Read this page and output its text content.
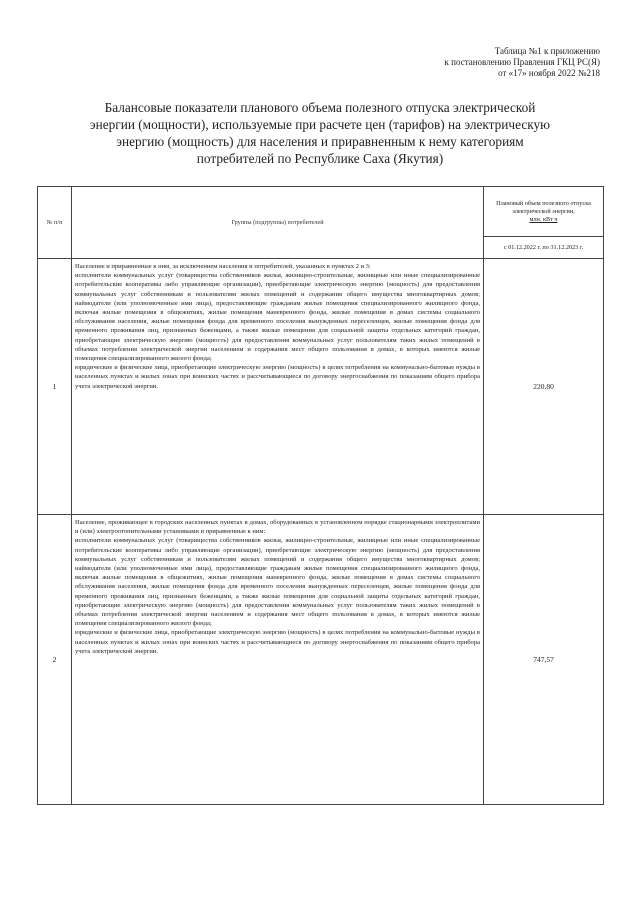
Таблица №1 к приложению
к постановлению Правления ГКЦ РС(Я)
от «17» ноября 2022 №218
Балансовые показатели планового объема полезного отпуска электрической
энергии (мощности), используемые при расчете цен (тарифов) на электрическую
энергию (мощность) для населения и приравненным к нему категориям
потребителей по Республике Саха (Якутия)
№ п/п	Группы (подгруппы) потребителей	Плановый объем полезного отпуска электрической энергии,
млн. кВт ч

		с 01.12.2022 г. по 31.12.2023 г.
1	Население и приравненные к ним, за исключением населения и потребителей, указанных в пунктах 2 и 3:

исполнители коммунальных услуг (товарищества собственников жилья, жилищно-строительные, жилищные или иные специализированные потребительские кооперативы либо управляющие организации), приобретающие электрическую энергию (мощность) для предоставления коммунальных услуг собственникам и пользователям жилых помещений и содержания общего имущества многоквартирных домов; наймодатели (или уполномоченные ими лица), предоставляющие гражданам жилые помещения специализированного жилищного фонда, включая жилые помещения в общежитиях, жилые помещения маневренного фонда, жилые помещения в домах системы социального обслуживания населения, жилые помещения фонда для временного поселения вынужденных переселенцев, жилые помещения фонда для временного проживания лиц, признанных беженцами, а также жилые помещения для социальной защиты отдельных категорий граждан, приобретающие электрическую энергию (мощность) для предоставления коммунальных услуг пользователям таких жилых помещений в объемах потребления электрической энергии населением и содержания мест общего пользования в домах, в которых имеются жилые помещения специализированного жилого фонда;

юридические и физические лица, приобретающие электрическую энергию (мощность) в целях потребления на коммунально-бытовые нужды в населенных пунктах и жилых зонах при воинских частях и рассчитывающиеся по договору энергоснабжения по показаниям общего прибора учета электрической энергии.	220,80
2	Население, проживающее в городских населенных пунктах в домах, оборудованных в установленном порядке стационарными электроплитами и (или) электроотопительными установками и приравненные к ним:

исполнители коммунальных услуг (товарищества собственников жилья, жилищно-строительные, жилищные или иные специализированные потребительские кооперативы либо управляющие организации), приобретающие электрическую энергию (мощность) для предоставления коммунальных услуг собственникам и пользователям жилых помещений и содержания общего имущества многоквартирных домов; наймодатели (или уполномоченные ими лица), предоставляющие гражданам жилые помещения специализированного жилищного фонда, включая жилые помещения в общежитиях, жилые помещения маневренного фонда, жилые помещения в домах системы социального обслуживания населения, жилые помещения фонда для временного поселения вынужденных переселенцев, жилые помещения фонда для временного проживания лиц, признанных беженцами, а также жилые помещения для социальной защиты отдельных категорий граждан, приобретающие электрическую энергию (мощность) для предоставления коммунальных услуг пользователям таких жилых помещений в объемах потребления электрической энергии населением и содержания мест общего пользования в домах, в которых имеются жилые помещения специализированного жилого фонда;

юридические и физические лица, приобретающие электрическую энергию (мощность) в целях потребления на коммунально-бытовые нужды в населенных пунктах и жилых зонах при воинских частях и рассчитывающиеся по договору энергоснабжения по показаниям общего прибора учета электрической энергии.	747,57
